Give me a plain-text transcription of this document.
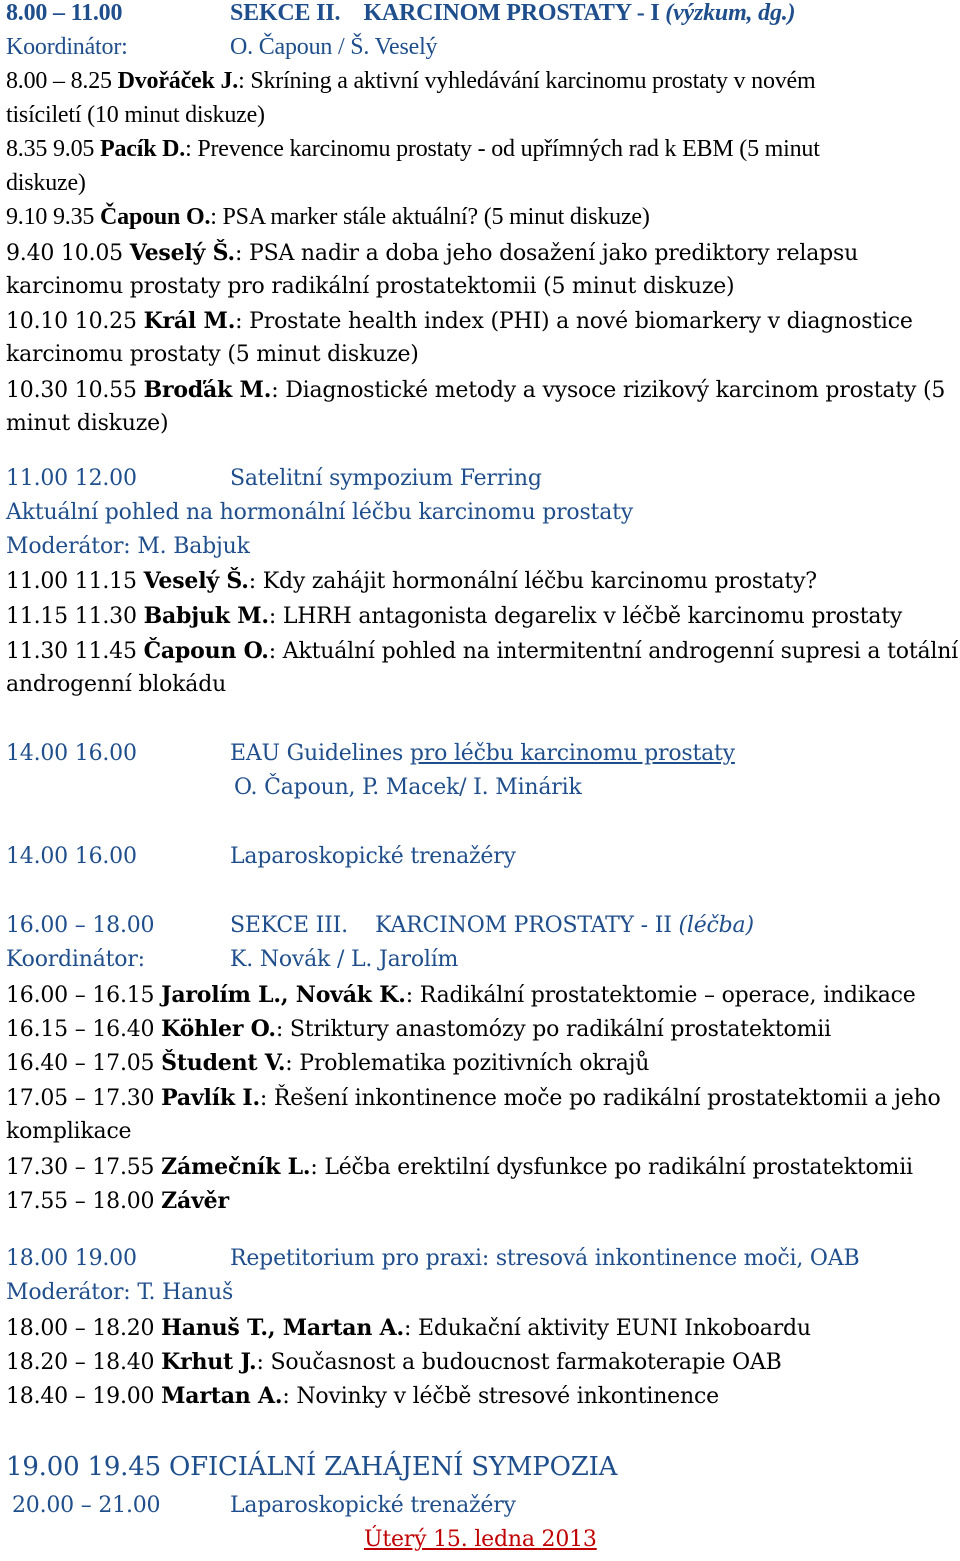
8.00 – 11.00	SEKCE II. KARCINOM PROSTATY - I (výzkum, dg.)
Koordinátor:	O. Čapoun / Š. Veselý
8.00 – 8.25 Dvořáček J.: Skríning a aktivní vyhledávání karcinomu prostaty v novém
tisíciletí (10 minut diskuze)
8.35 9.05 Pacík D.: Prevence karcinomu prostaty - od upřímných rad k EBM (5 minut
diskuze)
9.10 9.35 Čapoun O.: PSA marker stále aktuální? (5 minut diskuze)
9.40 10.05 Veselý Š.: PSA nadir a doba jeho dosažení jako prediktory relapsu
karcinomu prostaty pro radikální prostatektomii (5 minut diskuze)
10.10 10.25 Král M.: Prostate health index (PHI) a nové biomarkery v diagnostice
karcinomu prostaty (5 minut diskuze)
10.30 10.55 Broďák M.: Diagnostické metody a vysoce rizikový karcinom prostaty (5
minut diskuze)
11.00 12.00	Satelitní sympozium Ferring
Aktuální pohled na hormonální léčbu karcinomu prostaty
Moderátor: M. Babjuk
11.00 11.15 Veselý Š.: Kdy zahájit hormonální léčbu karcinomu prostaty?
11.15 11.30 Babjuk M.: LHRH antagonista degarelix v léčbě karcinomu prostaty
11.30 11.45 Čapoun O.: Aktuální pohled na intermitentní androgenní supresi a totální
androgenní blokádu
14.00 16.00	EAU Guidelines pro léčbu karcinomu prostaty
O. Čapoun, P. Macek/ I. Minárik
14.00 16.00	Laparoskopické trenažéry
16.00 – 18.00	SEKCE III. KARCINOM PROSTATY - II (léčba)
Koordinátor:	K. Novák / L. Jarolím
16.00 – 16.15 Jarolím L., Novák K.: Radikální prostatektomie – operace, indikace
16.15 – 16.40 Köhler O.: Striktury anastomózy po radikální prostatektomii
16.40 – 17.05 Študent V.: Problematika pozitivních okrajů
17.05 – 17.30 Pavlík I.: Řešení inkontinence moče po radikální prostatektomii a jeho
komplikace
17.30 – 17.55 Zámečník L.: Léčba erektilní dysfunkce po radikální prostatektomii
17.55 – 18.00 Závěr
18.00 19.00	Repetitorium pro praxi: stresová inkontinence moči, OAB
Moderátor: T. Hanuš
18.00 – 18.20 Hanuš T., Martan A.: Edukační aktivity EUNI Inkoboardu
18.20 – 18.40 Krhut J.: Současnost a budoucnost farmakoterapie OAB
18.40 – 19.00 Martan A.: Novinky v léčbě stresové inkontinence
19.00 19.45 OFICIÁLNÍ ZAHÁJENÍ SYMPOZIA
20.00 – 21.00	Laparoskopické trenažéry
Úterý 15. ledna 2013
